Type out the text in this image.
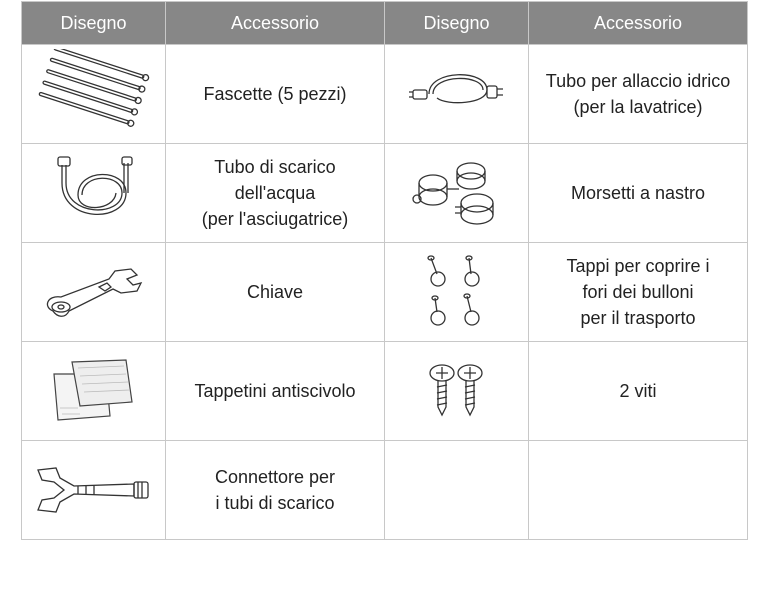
Disegno	Accessorio	Disegno	Accessorio

Fascette (5 pezzi)		Tubo per allaccio idrico
(per la lavatrice)

Tubo di scarico
dell'acqua
(per l'asciugatrice)		Morsetti a nastro

Chiave		Tappi per coprire i
fori dei bulloni
per il trasporto

Tappetini antiscivolo		2 viti

Connettore per
i tubi di scarico		
